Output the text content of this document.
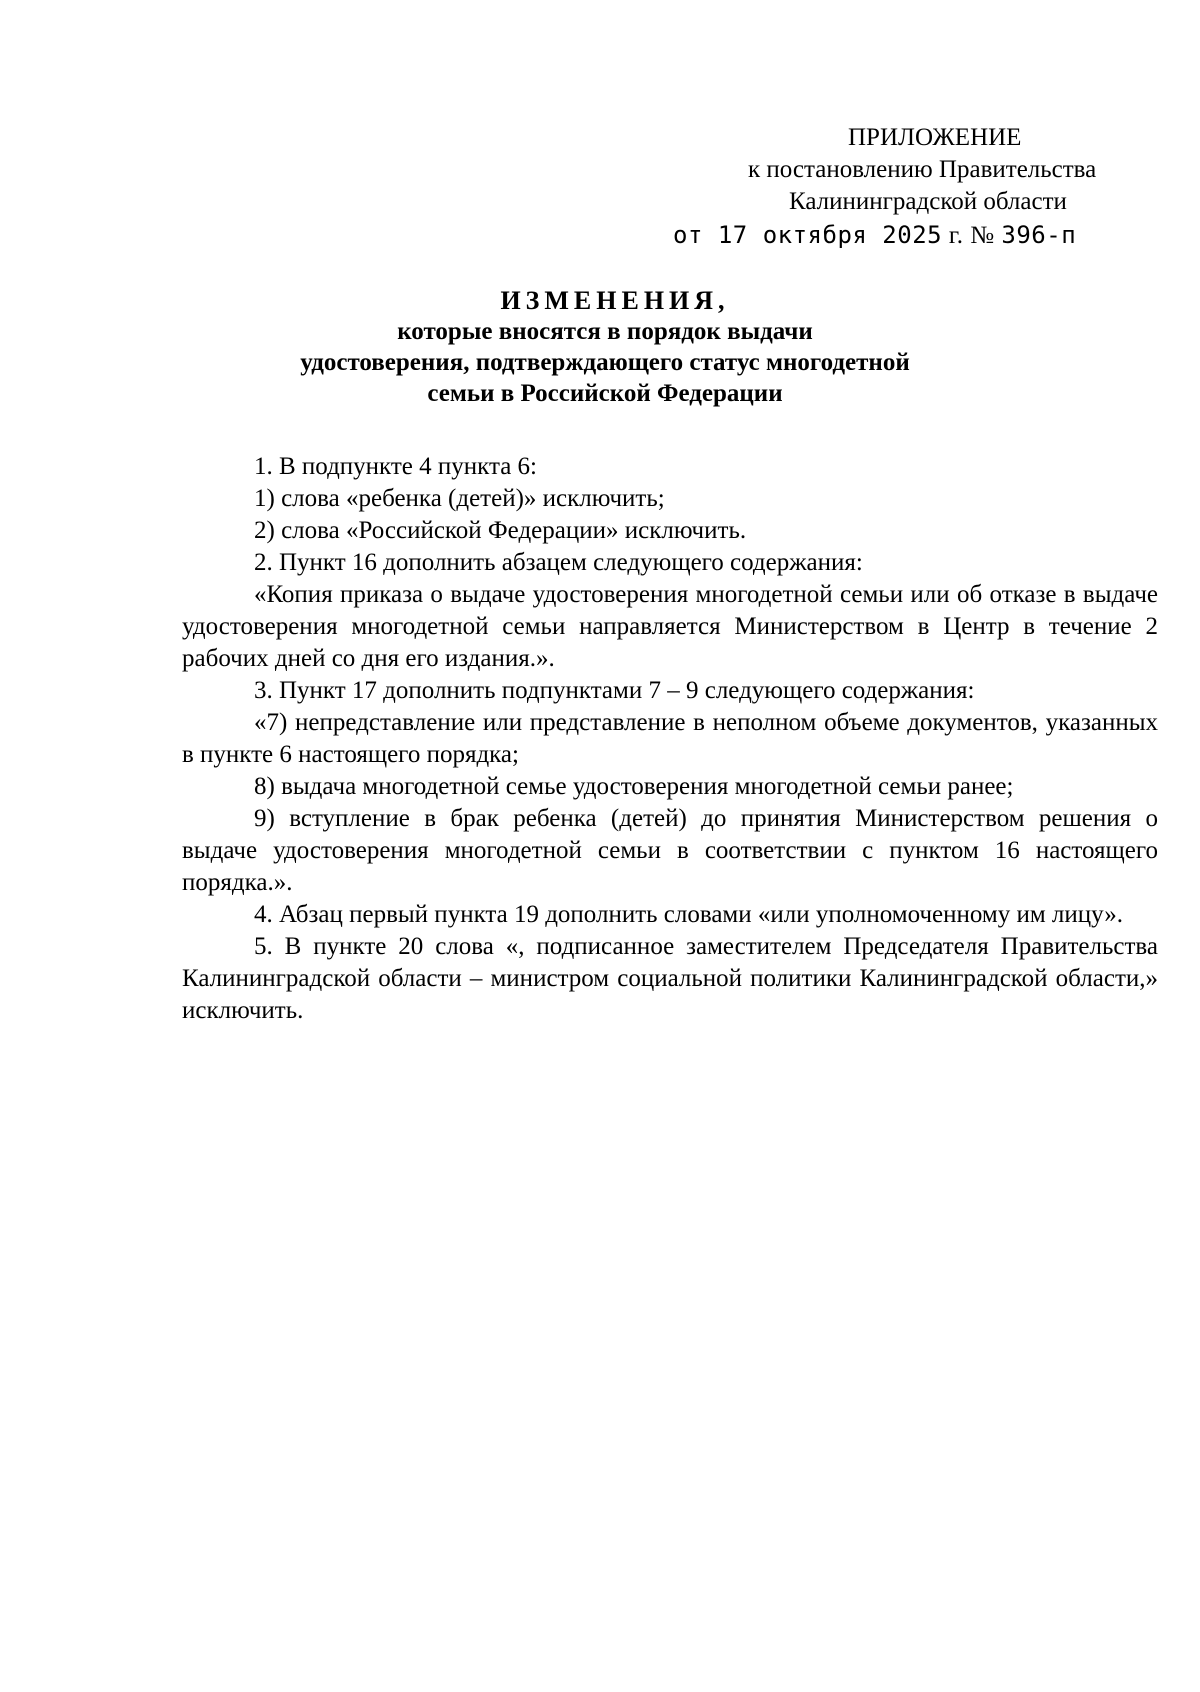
ПРИЛОЖЕНИЕ
к постановлению Правительства
Калининградской области
от 17 октября 2025 г. № 396-п
ИЗМЕНЕНИЯ,
которые вносятся в порядок выдачи
удостоверения, подтверждающего статус многодетной
семьи в Российской Федерации

1. В подпункте 4 пункта 6:

1) слова «ребенка (детей)» исключить;

2) слова «Российской Федерации» исключить.

2. Пункт 16 дополнить абзацем следующего содержания:

«Копия приказа о выдаче удостоверения многодетной семьи или об отказе в выдаче удостоверения многодетной семьи направляется Министерством в Центр в течение 2 рабочих дней со дня его издания.».

3. Пункт 17 дополнить подпунктами 7 – 9 следующего содержания:

«7) непредставление или представление в неполном объеме документов, указанных в пункте 6 настоящего порядка;

8) выдача многодетной семье удостоверения многодетной семьи ранее;

9) вступление в брак ребенка (детей) до принятия Министерством решения о выдаче удостоверения многодетной семьи в соответствии с пунктом 16 настоящего порядка.».

4. Абзац первый пункта 19 дополнить словами «или уполномоченному им лицу».

5. В пункте 20 слова «, подписанное заместителем Председателя Правительства Калининградской области – министром социальной политики Калининградской области,» исключить.
